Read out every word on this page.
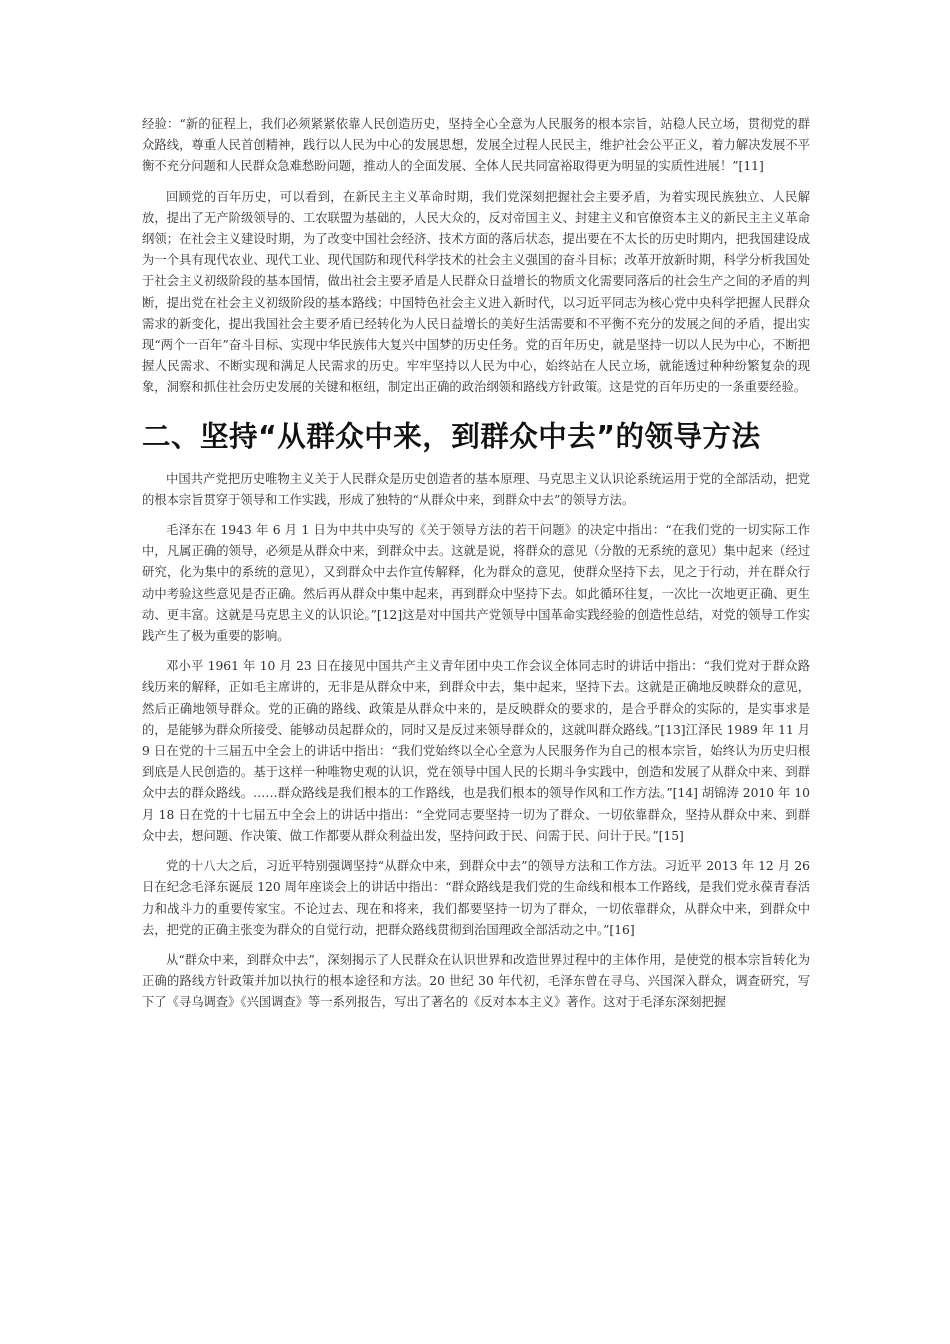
经验：“新的征程上，我们必须紧紧依靠人民创造历史，坚持全心全意为人民服务的根本宗旨，站稳人民立场，贯彻党的群众路线，尊重人民首创精神，践行以人民为中心的发展思想，发展全过程人民民主，维护社会公平正义，着力解决发展不平衡不充分问题和人民群众急难愁盼问题，推动人的全面发展、全体人民共同富裕取得更为明显的实质性进展！”[11]

回顾党的百年历史，可以看到，在新民主主义革命时期，我们党深刻把握社会主要矛盾，为着实现民族独立、人民解放，提出了无产阶级领导的、工农联盟为基础的，人民大众的，反对帝国主义、封建主义和官僚资本主义的新民主主义革命纲领；在社会主义建设时期，为了改变中国社会经济、技术方面的落后状态，提出要在不太长的历史时期内，把我国建设成为一个具有现代农业、现代工业、现代国防和现代科学技术的社会主义强国的奋斗目标；改革开放新时期，科学分析我国处于社会主义初级阶段的基本国情，做出社会主要矛盾是人民群众日益增长的物质文化需要同落后的社会生产之间的矛盾的判断，提出党在社会主义初级阶段的基本路线；中国特色社会主义进入新时代，以习近平同志为核心党中央科学把握人民群众需求的新变化，提出我国社会主要矛盾已经转化为人民日益增长的美好生活需要和不平衡不充分的发展之间的矛盾，提出实现“两个一百年”奋斗目标、实现中华民族伟大复兴中国梦的历史任务。党的百年历史，就是坚持一切以人民为中心，不断把握人民需求、不断实现和满足人民需求的历史。牢牢坚持以人民为中心，始终站在人民立场，就能透过种种纷繁复杂的现象，洞察和抓住社会历史发展的关键和枢纽，制定出正确的政治纲领和路线方针政策。这是党的百年历史的一条重要经验。

二、坚持“从群众中来，到群众中去”的领导方法

中国共产党把历史唯物主义关于人民群众是历史创造者的基本原理、马克思主义认识论系统运用于党的全部活动，把党的根本宗旨贯穿于领导和工作实践，形成了独特的“从群众中来，到群众中去”的领导方法。

毛泽东在 1943 年 6 月 1 日为中共中央写的《关于领导方法的若干问题》的决定中指出：“在我们党的一切实际工作中，凡属正确的领导，必须是从群众中来，到群众中去。这就是说，将群众的意见（分散的无系统的意见）集中起来（经过研究，化为集中的系统的意见），又到群众中去作宣传解释，化为群众的意见，使群众坚持下去，见之于行动，并在群众行动中考验这些意见是否正确。然后再从群众中集中起来，再到群众中坚持下去。如此循环往复，一次比一次地更正确、更生动、更丰富。这就是马克思主义的认识论。”[12]这是对中国共产党领导中国革命实践经验的创造性总结，对党的领导工作实践产生了极为重要的影响。

邓小平 1961 年 10 月 23 日在接见中国共产主义青年团中央工作会议全体同志时的讲话中指出：“我们党对于群众路线历来的解释，正如毛主席讲的，无非是从群众中来，到群众中去，集中起来，坚持下去。这就是正确地反映群众的意见，然后正确地领导群众。党的正确的路线、政策是从群众中来的，是反映群众的要求的，是合乎群众的实际的，是实事求是的，是能够为群众所接受、能够动员起群众的，同时又是反过来领导群众的，这就叫群众路线。”[13]江泽民 1989 年 11 月 9 日在党的十三届五中全会上的讲话中指出：“我们党始终以全心全意为人民服务作为自己的根本宗旨，始终认为历史归根到底是人民创造的。基于这样一种唯物史观的认识，党在领导中国人民的长期斗争实践中，创造和发展了从群众中来、到群众中去的群众路线。……群众路线是我们根本的工作路线，也是我们根本的领导作风和工作方法。”[14] 胡锦涛 2010 年 10 月 18 日在党的十七届五中全会上的讲话中指出：“全党同志要坚持一切为了群众、一切依靠群众，坚持从群众中来、到群众中去，想问题、作决策、做工作都要从群众利益出发，坚持问政于民、问需于民、问计于民。”[15]

党的十八大之后，习近平特别强调坚持“从群众中来，到群众中去”的领导方法和工作方法。习近平 2013 年 12 月 26 日在纪念毛泽东诞辰 120 周年座谈会上的讲话中指出：“群众路线是我们党的生命线和根本工作路线，是我们党永葆青春活力和战斗力的重要传家宝。不论过去、现在和将来，我们都要坚持一切为了群众，一切依靠群众，从群众中来，到群众中去，把党的正确主张变为群众的自觉行动，把群众路线贯彻到治国理政全部活动之中。”[16]

从“群众中来，到群众中去”，深刻揭示了人民群众在认识世界和改造世界过程中的主体作用，是使党的根本宗旨转化为正确的路线方针政策并加以执行的根本途径和方法。20 世纪 30 年代初，毛泽东曾在寻乌、兴国深入群众，调查研究，写下了《寻乌调查》《兴国调查》等一系列报告，写出了著名的《反对本本主义》著作。这对于毛泽东深刻把握
